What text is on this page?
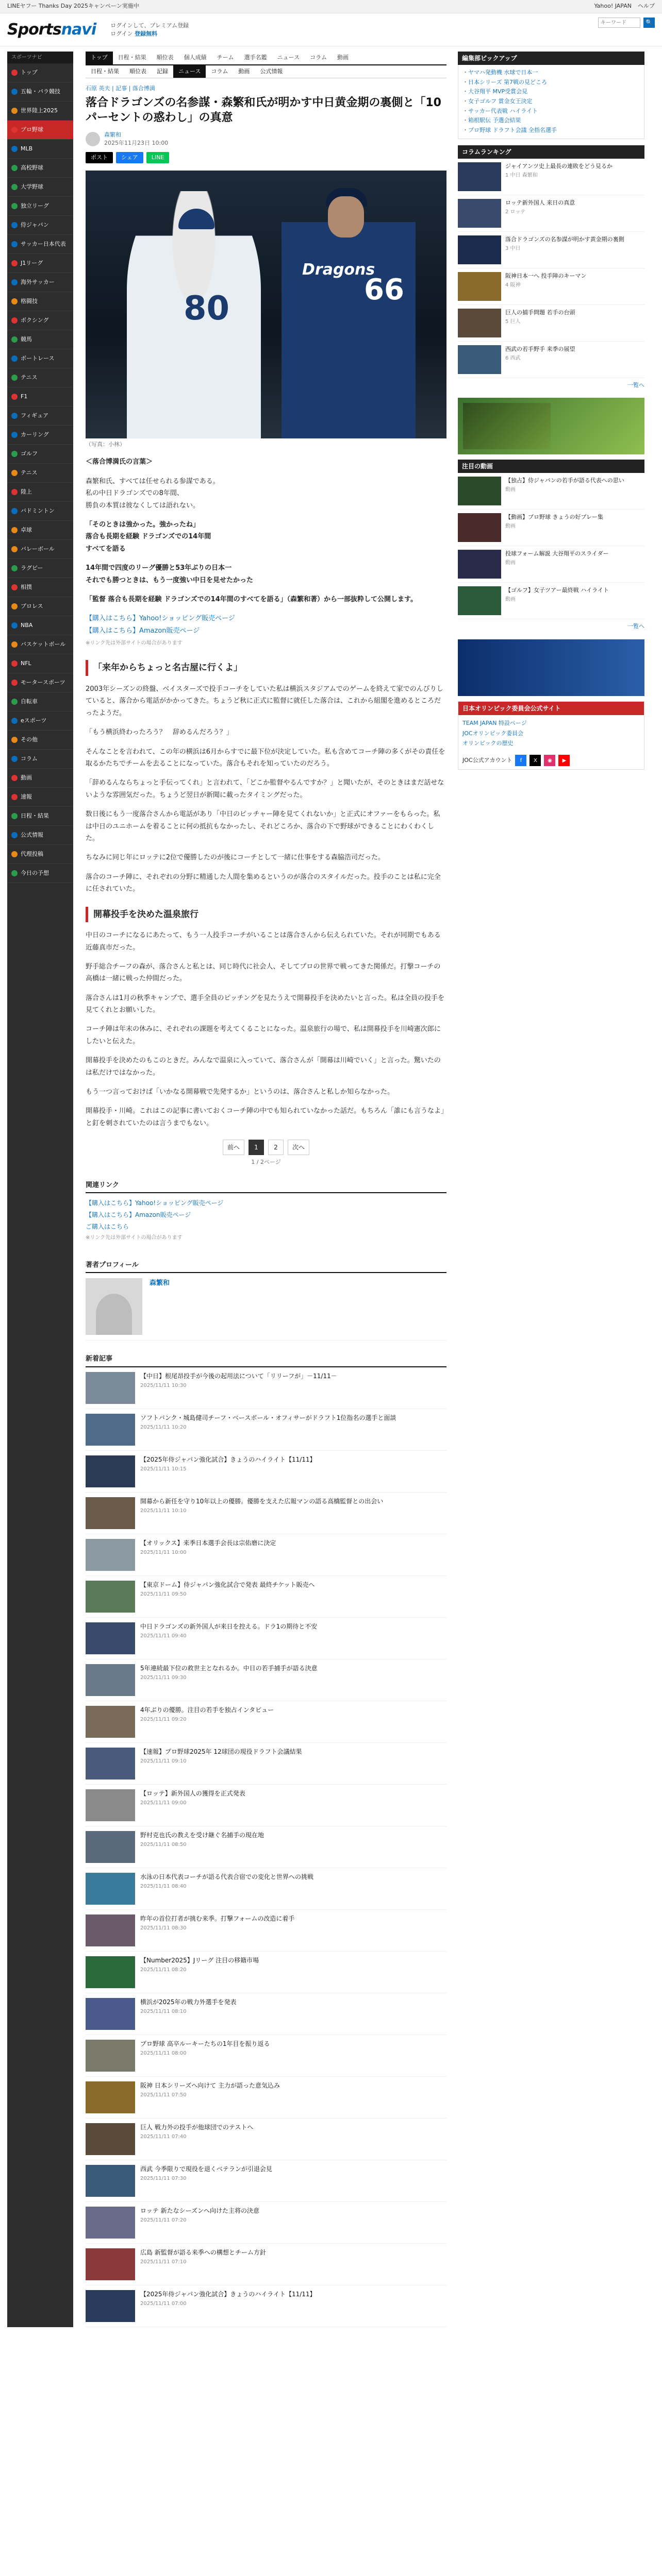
LINEヤフー Thanks Day 2025キャンペーン実施中	Yahoo! JAPAN ヘルプ
Sportsnavi	ログインして、プレミアム登録
ログイン 登録無料
キーワード
🔍
スポーツナビ
トップ
五輪・パラ競技
世界陸上2025
プロ野球
MLB
高校野球
大学野球
独立リーグ
侍ジャパン
サッカー日本代表
J1リーグ
海外サッカー
格闘技
ボクシング
競馬
ボートレース
テニス
F1
フィギュア
カーリング
ゴルフ
テニス
陸上
バドミントン
卓球
バレーボール
ラグビー
相撲
プロレス
NBA
バスケットボール
NFL
モータースポーツ
自転車
eスポーツ
その他
コラム
動画
速報
日程・結果
公式情報
代理投稿
今日の予想
トップ	日程・結果	順位表	個人成績	チーム	選手名鑑	ニュース	コラム	動画
日程・結果	順位表	記録	ニュース	コラム	動画	公式情報
石原 英夫 | 記事 | 落合博満
落合ドラゴンズの名参謀・森繁和氏が明かす中日黄金期の裏側と「10パーセントの惑わし」の真意
森繁和
2025年11月23日 10:00
ポスト	シェア	LINE
80
Dragons
66
（写真：小林）

＜落合博満氏の言葉＞

森繁和氏、すべては任せられる参謀である。
私の中日ドラゴンズでの8年間、
勝負の本質は彼なくしては語れない。

「そのときは強かった。強かったね」
落合も長期を経験 ドラゴンズでの14年間
すべてを語る

14年間で四度のリーグ優勝と53年ぶりの日本一
それでも勝つときは、もう一度強い中日を見せたかった

「監督 落合も長期を経験 ドラゴンズでの14年間のすべてを語る」（森繁和著）から一部抜粋して公開します。

【購入はこちら】Yahoo!ショッピング販売ページ
【購入はこちら】Amazon販売ページ
※リンク先は外部サイトの場合があります

「来年からちょっと名古屋に行くよ」

2003年シーズンの終盤、ベイスターズで投手コーチをしていた私は横浜スタジアムでのゲームを終えて家でのんびりしていると、落合から電話がかかってきた。ちょうど秋に正式に監督に就任した落合は、これから組閣を進めるところだったようだ。

「もう横浜終わったろう？　辞めるんだろう？」

そんなことを言われて、この年の横浜は6月からすでに最下位が決定していた。私も含めてコーチ陣の多くがその責任を取るかたちでチームを去ることになっていた。落合もそれを知っていたのだろう。

「辞めるんならちょっと手伝ってくれ」と言われて、「どこか監督やるんですか？」と聞いたが、そのときはまだ話せないような雰囲気だった。ちょうど翌日が新聞に載ったタイミングだった。

数日後にもう一度落合さんから電話があり「中日のピッチャー陣を見てくれないか」と正式にオファーをもらった。私は中日のユニホームを着ることに何の抵抗もなかったし、それどころか、落合の下で野球ができることにわくわくした。

ちなみに同じ年にロッテに2位で優勝したのが後にコーチとして一緒に仕事をする森脇浩司だった。

落合のコーチ陣に、それぞれの分野に精通した人間を集めるというのが落合のスタイルだった。投手のことは私に完全に任されていた。

開幕投手を決めた温泉旅行

中日のコーチになるにあたって、もう一人投手コーチがいることは落合さんから伝えられていた。それが同期でもある近藤真市だった。

野手総合チーフの森が、落合さんと私とは、同じ時代に社会人、そしてプロの世界で戦ってきた関係だ。打撃コーチの高橋は一緒に戦った仲間だった。

落合さんは1月の秋季キャンプで、選手全員のピッチングを見たうえで開幕投手を決めたいと言った。私は全員の投手を見てくれとお願いした。

コーチ陣は年末の休みに、それぞれの課題を考えてくることになった。温泉旅行の場で、私は開幕投手を川崎憲次郎にしたいと伝えた。

開幕投手を決めたのもこのときだ。みんなで温泉に入っていて、落合さんが「開幕は川崎でいく」と言った。驚いたのは私だけではなかった。

もう一つ言っておけば「いかなる開幕戦で先発するか」というのは、落合さんと私しか知らなかった。

開幕投手・川崎。これはこの記事に書いておくコーチ陣の中でも知られていなかった話だ。もちろん「誰にも言うなよ」と釘を刺されていたのは言うまでもない。

前へ	1	2	次へ
1 / 2ページ
関連リンク
【購入はこちら】Yahoo!ショッピング販売ページ
【購入はこちら】Amazon販売ページ
ご購入はこちら
※リンク先は外部サイトの場合があります
著者プロフィール
森繁和
新着記事
【中日】根尾昂投手が今後の起用法について「リリーフが」－11/11－
2025/11/11 10:30
ソフトバンク・城島健司チーフ・ベースボール・オフィサーがドラフト1位指名の選手と面談
2025/11/11 10:20
【2025年侍ジャパン強化試合】きょうのハイライト【11/11】
2025/11/11 10:15
開幕から新任を守り10年以上の優勝。優勝を支えた広報マンの語る高橋監督との出会い
2025/11/11 10:10
【オリックス】来季日本選手会長は宗佑磨に決定
2025/11/11 10:00
【東京ドーム】侍ジャパン強化試合で発表 最終チケット販売へ
2025/11/11 09:50
中日ドラゴンズの新外国人が来日を控える。ドラ1の期待と不安
2025/11/11 09:40
5年連続最下位の救世主となれるか。中日の若手捕手が語る決意
2025/11/11 09:30
4年ぶりの優勝。注目の若手を独占インタビュー
2025/11/11 09:20
【速報】プロ野球2025年 12球団の現役ドラフト会議結果
2025/11/11 09:10
【ロッテ】新外国人の獲得を正式発表
2025/11/11 09:00
野村克也氏の教えを受け継ぐ名捕手の現在地
2025/11/11 08:50
水泳の日本代表コーチが語る代表合宿での変化と世界への挑戦
2025/11/11 08:40
昨年の首位打者が挑む来季。打撃フォームの改造に着手
2025/11/11 08:30
【Number2025】Jリーグ 注目の移籍市場
2025/11/11 08:20
横浜が2025年の戦力外選手を発表
2025/11/11 08:10
プロ野球 高卒ルーキーたちの1年目を振り返る
2025/11/11 08:00
阪神 日本シリーズへ向けて 主力が語った意気込み
2025/11/11 07:50
巨人 戦力外の投手が他球団でのテストへ
2025/11/11 07:40
西武 今季限りで現役を退くベテランが引退会見
2025/11/11 07:30
ロッテ 新たなシーズンへ向けた主将の決意
2025/11/11 07:20
広島 新監督が語る来季への構想とチーム方針
2025/11/11 07:10
【2025年侍ジャパン強化試合】きょうのハイライト【11/11】
2025/11/11 07:00
編集部ピックアップ
・ ヤマハ発動機 水球で日本一
・ 日本シリーズ 第7戦の見どころ
・ 大谷翔平 MVP受賞会見
・ 女子ゴルフ 賞金女王決定
・ サッカー代表戦 ハイライト
・ 箱根駅伝 予選会結果
・ プロ野球 ドラフト会議 全指名選手
コラムランキング
ジャイアンツ史上最長の連敗をどう見るか
1 中日 森繁和
ロッテ新外国人 来日の真意
2 ロッテ
落合ドラゴンズの名参謀が明かす黄金期の裏側
3 中日
阪神日本一へ 投手陣のキーマン
4 阪神
巨人の捕手問題 若手の台頭
5 巨人
西武の若手野手 来季の展望
6 西武
一覧へ
注目の動画
【独占】侍ジャパンの若手が語る代表への思い
動画
【動画】プロ野球 きょうの好プレー集
動画
投球フォーム解説 大谷翔平のスライダー
動画
【ゴルフ】女子ツアー最終戦 ハイライト
動画
一覧へ
日本オリンピック委員会公式サイト
TEAM JAPAN 特設ページ
JOCオリンピック委員会
オリンピックの歴史
JOC公式アカウント	f	X	◉	▶
